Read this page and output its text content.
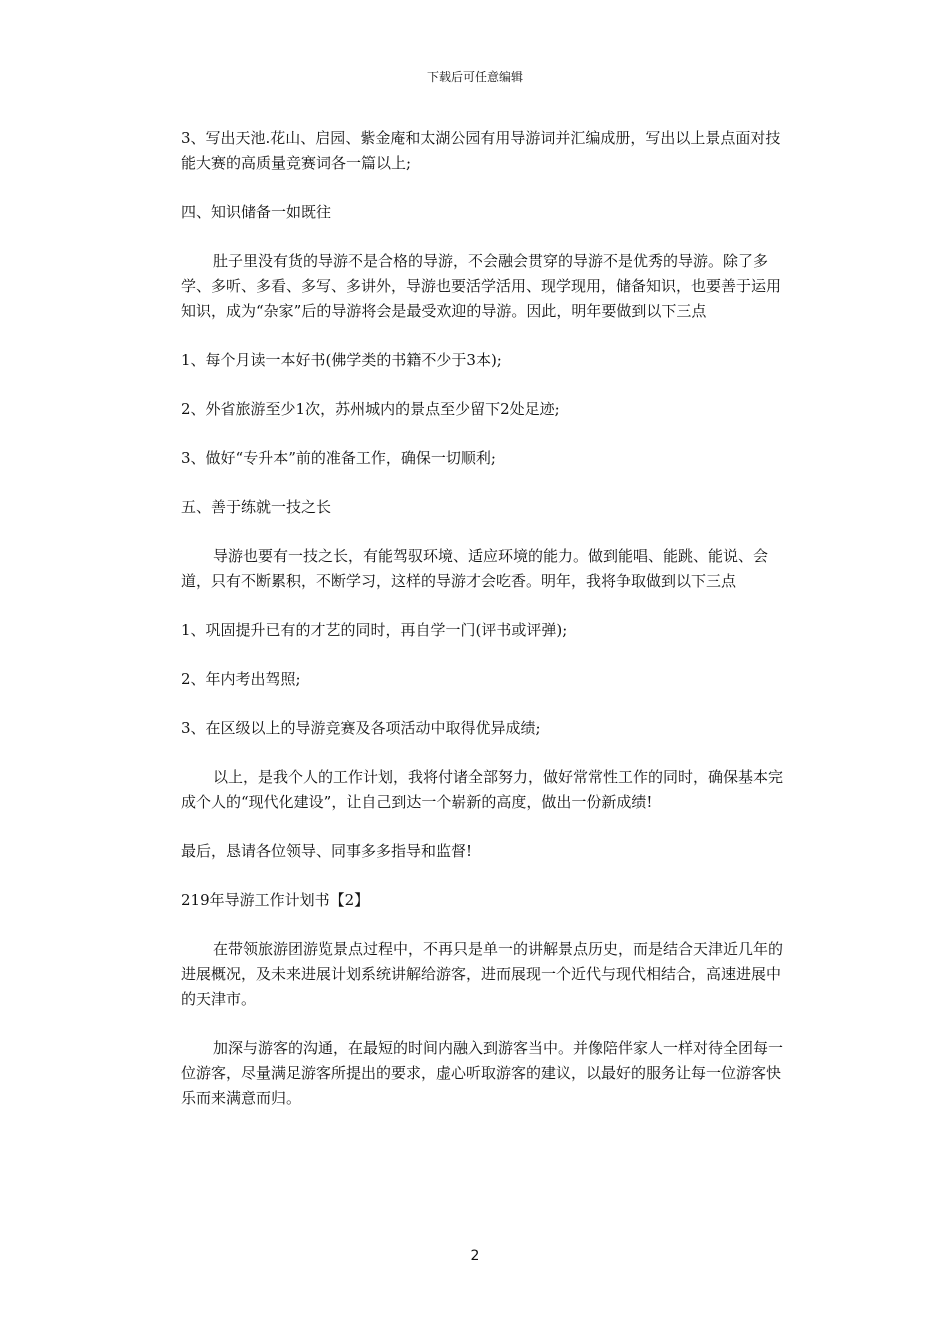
下载后可任意编辑

3、写出天池.花山、启园、紫金庵和太湖公园有用导游词并汇编成册，写出以上景点面对技能大赛的高质量竞赛词各一篇以上;

四、知识储备一如既往

肚子里没有货的导游不是合格的导游，不会融会贯穿的导游不是优秀的导游。除了多学、多听、多看、多写、多讲外，导游也要活学活用、现学现用，储备知识，也要善于运用知识，成为“杂家”后的导游将会是最受欢迎的导游。因此，明年要做到以下三点

1、每个月读一本好书(佛学类的书籍不少于3本);

2、外省旅游至少1次，苏州城内的景点至少留下2处足迹;

3、做好“专升本”前的准备工作，确保一切顺利;

五、善于练就一技之长

导游也要有一技之长，有能驾驭环境、适应环境的能力。做到能唱、能跳、能说、会道，只有不断累积，不断学习，这样的导游才会吃香。明年，我将争取做到以下三点

1、巩固提升已有的才艺的同时，再自学一门(评书或评弹);

2、年内考出驾照;

3、在区级以上的导游竞赛及各项活动中取得优异成绩;

以上，是我个人的工作计划，我将付诸全部努力，做好常常性工作的同时，确保基本完成个人的“现代化建设”，让自己到达一个崭新的高度，做出一份新成绩!

最后，恳请各位领导、同事多多指导和监督!

219年导游工作计划书【2】

在带领旅游团游览景点过程中，不再只是单一的讲解景点历史，而是结合天津近几年的进展概况，及未来进展计划系统讲解给游客，进而展现一个近代与现代相结合，高速进展中的天津市。

加深与游客的沟通，在最短的时间内融入到游客当中。并像陪伴家人一样对待全团每一位游客，尽量满足游客所提出的要求，虚心听取游客的建议，以最好的服务让每一位游客快乐而来满意而归。

2
